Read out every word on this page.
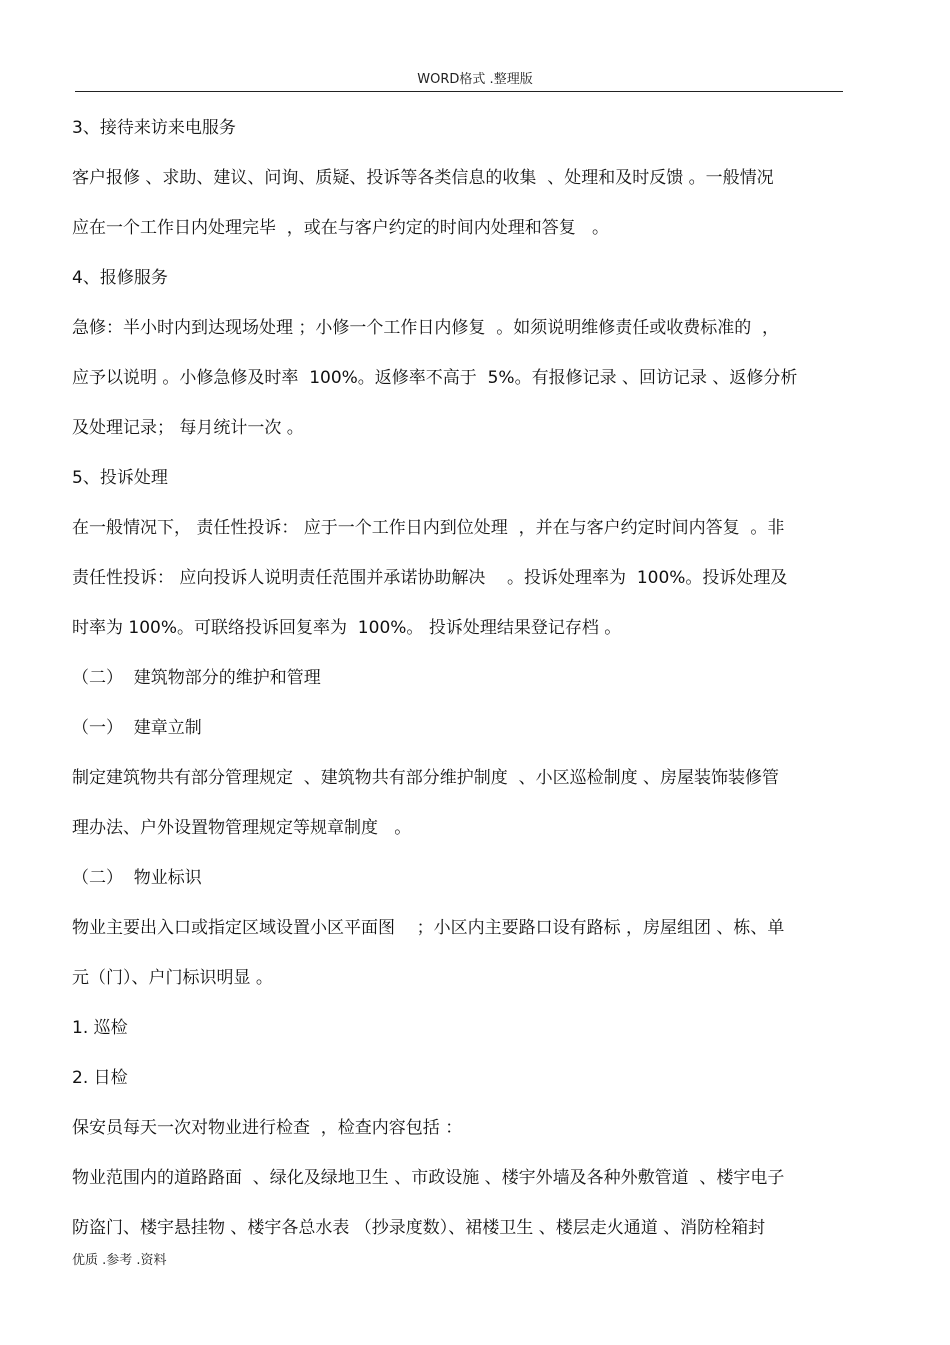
WORD格式 .整理版
3、接待来访来电服务
客户报修 、求助、建议、问询、质疑、投诉等各类信息的收集  、处理和及时反馈 。一般情况
应在一个工作日内处理完毕  ，或在与客户约定的时间内处理和答复   。
4、报修服务
急修：半小时内到达现场处理 ；小修一个工作日内修复  。如须说明维修责任或收费标准的  ，
应予以说明 。小修急修及时率  100%。返修率不高于  5%。有报修记录 、回访记录 、返修分析
及处理记录； 每月统计一次 。
5、投诉处理
在一般情况下， 责任性投诉： 应于一个工作日内到位处理  ，并在与客户约定时间内答复  。非
责任性投诉： 应向投诉人说明责任范围并承诺协助解决    。投诉处理率为  100%。投诉处理及
时率为 100%。可联络投诉回复率为  100%。 投诉处理结果登记存档 。
（二）  建筑物部分的维护和管理
（一）  建章立制
制定建筑物共有部分管理规定  、建筑物共有部分维护制度  、小区巡检制度 、房屋装饰装修管
理办法、户外设置物管理规定等规章制度   。
（二）  物业标识
物业主要出入口或指定区域设置小区平面图    ；小区内主要路口设有路标 ，房屋组团 、栋、单
元（门）、户门标识明显 。
1. 巡检
2. 日检
保安员每天一次对物业进行检查  ，检查内容包括 ：
物业范围内的道路路面  、绿化及绿地卫生 、市政设施 、楼宇外墙及各种外敷管道  、楼宇电子
防盗门、楼宇悬挂物 、楼宇各总水表 （抄录度数）、裙楼卫生 、楼层走火通道 、消防栓箱封
优质 .参考 .资料
